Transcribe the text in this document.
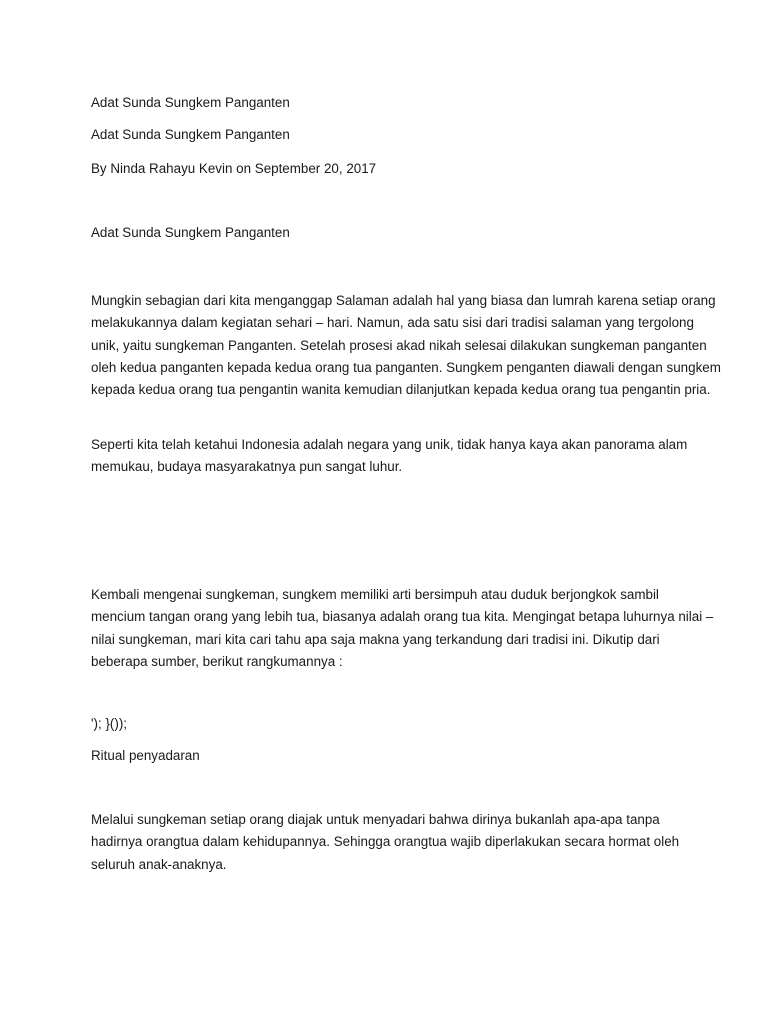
Adat Sunda Sungkem Panganten

Adat Sunda Sungkem Panganten

By Ninda Rahayu Kevin on September 20, 2017

Adat Sunda Sungkem Panganten

Mungkin sebagian dari kita menganggap Salaman adalah hal yang biasa dan lumrah karena setiap orang
melakukannya dalam kegiatan sehari – hari. Namun, ada satu sisi dari tradisi salaman yang tergolong
unik, yaitu sungkeman Panganten. Setelah prosesi akad nikah selesai dilakukan sungkeman panganten
oleh kedua panganten kepada kedua orang tua panganten. Sungkem penganten diawali dengan sungkem
kepada kedua orang tua pengantin wanita kemudian dilanjutkan kepada kedua orang tua pengantin pria.
Seperti kita telah ketahui Indonesia adalah negara yang unik, tidak hanya kaya akan panorama alam
memukau, budaya masyarakatnya pun sangat luhur.
Kembali mengenai sungkeman, sungkem memiliki arti bersimpuh atau duduk berjongkok sambil
mencium tangan orang yang lebih tua, biasanya adalah orang tua kita. Mengingat betapa luhurnya nilai –
nilai sungkeman, mari kita cari tahu apa saja makna yang terkandung dari tradisi ini. Dikutip dari
beberapa sumber, berikut rangkumannya :

'); }());

Ritual penyadaran

Melalui sungkeman setiap orang diajak untuk menyadari bahwa dirinya bukanlah apa-apa tanpa
hadirnya orangtua dalam kehidupannya. Sehingga orangtua wajib diperlakukan secara hormat oleh
seluruh anak-anaknya.
